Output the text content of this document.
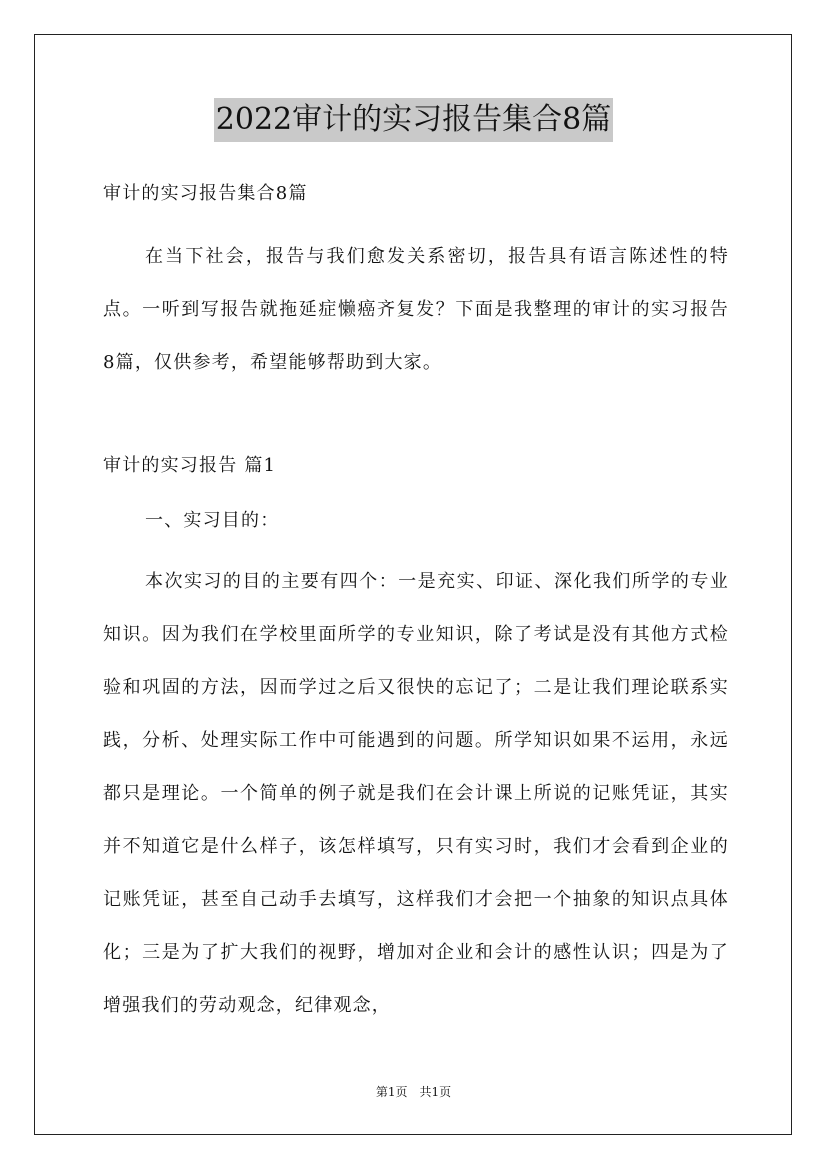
2022审计的实习报告集合8篇
审计的实习报告集合8篇
在当下社会，报告与我们愈发关系密切，报告具有语言陈述性的特点。一听到写报告就拖延症懒癌齐复发？下面是我整理的审计的实习报告8篇，仅供参考，希望能够帮助到大家。
审计的实习报告 篇1
一、实习目的：
本次实习的目的主要有四个：一是充实、印证、深化我们所学的专业知识。因为我们在学校里面所学的专业知识，除了考试是没有其他方式检验和巩固的方法，因而学过之后又很快的忘记了；二是让我们理论联系实践，分析、处理实际工作中可能遇到的问题。所学知识如果不运用，永远都只是理论。一个简单的例子就是我们在会计课上所说的记账凭证，其实并不知道它是什么样子，该怎样填写，只有实习时，我们才会看到企业的记账凭证，甚至自己动手去填写，这样我们才会把一个抽象的知识点具体化；三是为了扩大我们的视野，增加对企业和会计的感性认识；四是为了增强我们的劳动观念，纪律观念，
第1页 共1页
